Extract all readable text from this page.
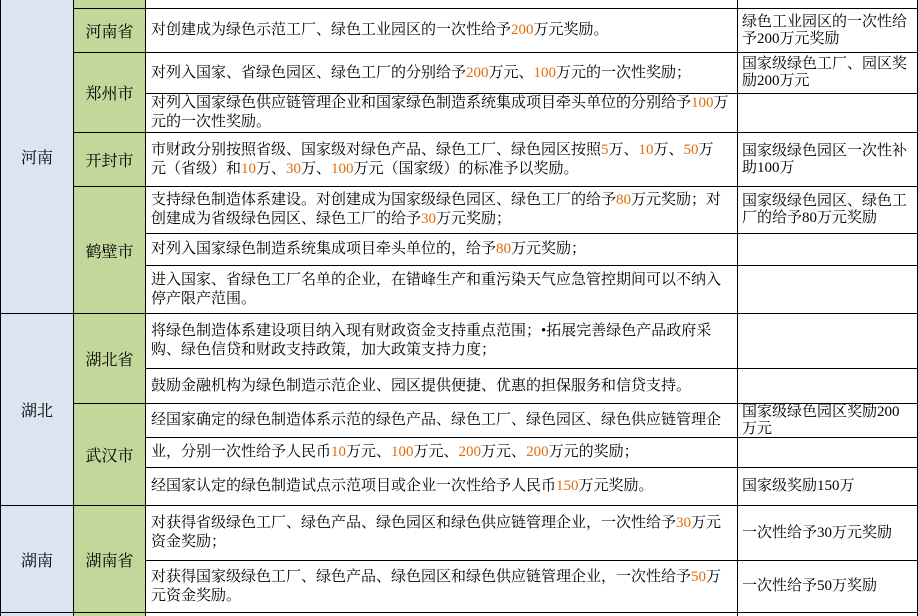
河南
湖北
湖南
河南省
郑州市
开封市
鹤壁市
湖北省
武汉市
湖南省
对创建成为绿色示范工厂、绿色工业园区的一次性给予200万元奖励。
对列入国家、省绿色园区、绿色工厂的分别给予200万元、100万元的一次性奖励；
对列入国家绿色供应链管理企业和国家绿色制造系统集成项目牵头单位的分别给予100万元的一次性奖励。
市财政分别按照省级、国家级对绿色产品、绿色工厂、绿色园区按照5万、10万、50万 元（省级）和10万、30万、100万元（国家级）的标准予以奖励。
支持绿色制造体系建设。对创建成为国家级绿色园区、绿色工厂的给予80万元奖励；对创建成为省级绿色园区、绿色工厂的给予30万元奖励；
对列入国家绿色制造系统集成项目牵头单位的，给予80万元奖励；
进入国家、省绿色工厂名单的企业，在错峰生产和重污染天气应急管控期间可以不纳入停产限产范围。
将绿色制造体系建设项目纳入现有财政资金支持重点范围；•拓展完善绿色产品政府采购、绿色信贷和财政支持政策，加大政策支持力度；
鼓励金融机构为绿色制造示范企业、园区提供便捷、优惠的担保服务和信贷支持。
经国家确定的绿色制造体系示范的绿色产品、绿色工厂、绿色园区、绿色供应链管理企
业，分别一次性给予人民币10万元、100万元、200万元、200万元的奖励；
经国家认定的绿色制造试点示范项目或企业一次性给予人民币150万元奖励。
对获得省级绿色工厂、绿色产品、绿色园区和绿色供应链管理企业，一次性给予30万元资金奖励；
对获得国家级绿色工厂、绿色产品、绿色园区和绿色供应链管理企业，一次性给予50万元资金奖励。
绿色工业园区的一次性给予200万元奖励
国家级绿色工厂、园区奖励200万元
国家级绿色园区一次性补助100万
国家级绿色园区、绿色工厂的给予80万元奖励
国家级绿色园区奖励200万元
国家级奖励150万
一次性给予30万元奖励
一次性给予50万奖励
